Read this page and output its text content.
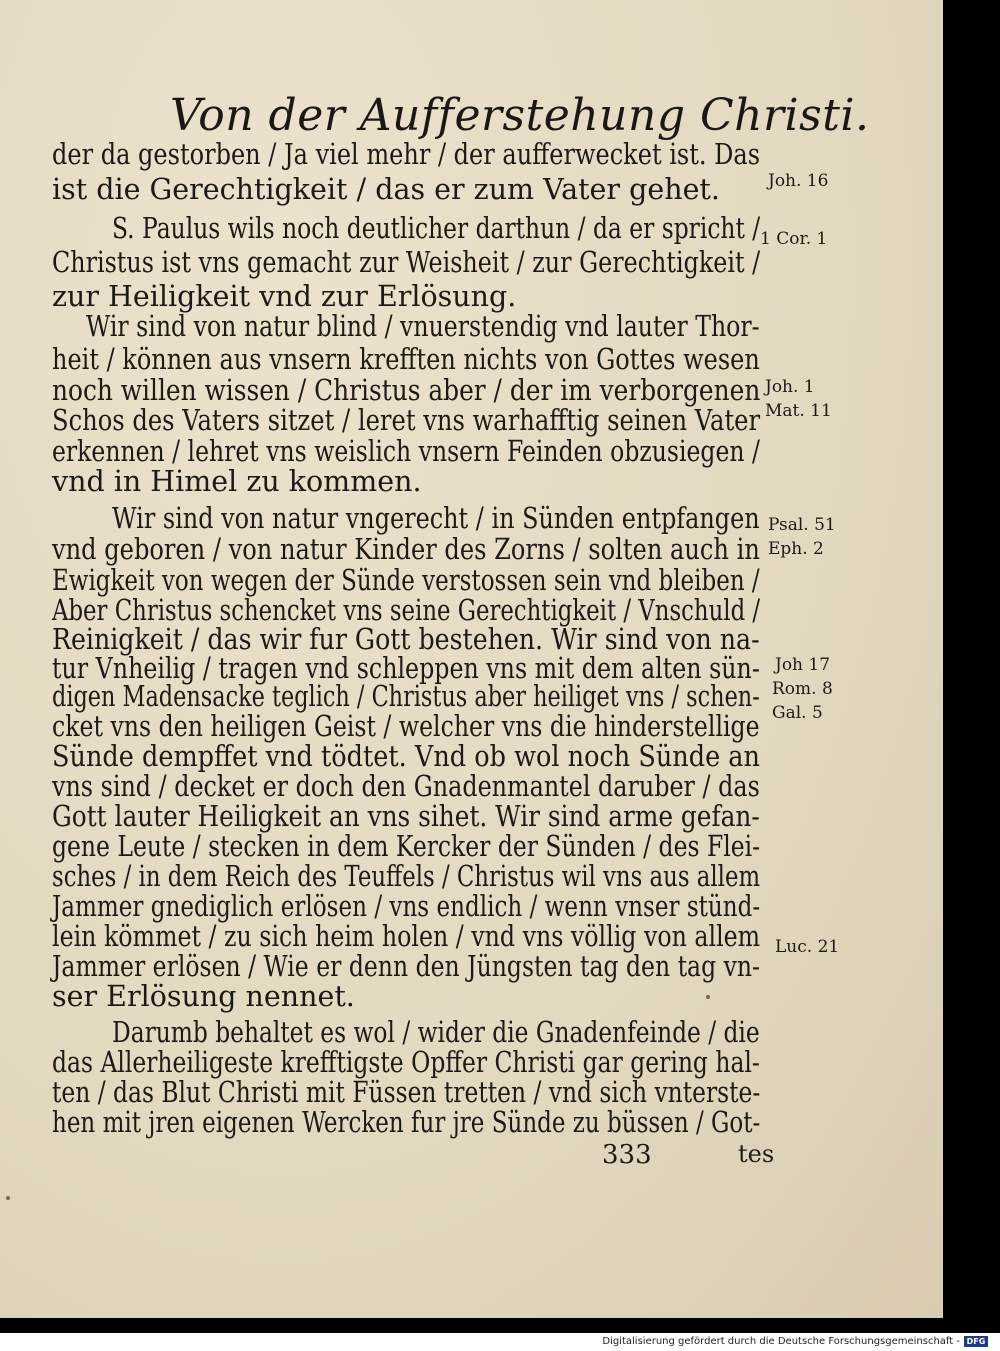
Von der Aufferstehung Christi.
der da gestorben / Ja viel mehr / der aufferwecket ist. Das
ist die Gerechtigkeit / das er zum Vater gehet.
S. Paulus wils noch deutlicher darthun / da er spricht /
Christus ist vns gemacht zur Weisheit / zur Gerechtigkeit /
zur Heiligkeit vnd zur Erlösung.
Wir sind von natur blind / vnuerstendig vnd lauter Thor-
heit / können aus vnsern krefften nichts von Gottes wesen
noch willen wissen / Christus aber / der im verborgenen
Schos des Vaters sitzet / leret vns warhafftig seinen Vater
erkennen / lehret vns weislich vnsern Feinden obzusiegen /
vnd in Himel zu kommen.
Wir sind von natur vngerecht / in Sünden entpfangen
vnd geboren / von natur Kinder des Zorns / solten auch in
Ewigkeit von wegen der Sünde verstossen sein vnd bleiben /
Aber Christus schencket vns seine Gerechtigkeit / Vnschuld /
Reinigkeit / das wir fur Gott bestehen. Wir sind von na-
tur Vnheilig / tragen vnd schleppen vns mit dem alten sün-
digen Madensacke teglich / Christus aber heiliget vns / schen-
cket vns den heiligen Geist / welcher vns die hinderstellige
Sünde dempffet vnd tödtet. Vnd ob wol noch Sünde an
vns sind / decket er doch den Gnadenmantel daruber / das
Gott lauter Heiligkeit an vns sihet. Wir sind arme gefan-
gene Leute / stecken in dem Kercker der Sünden / des Flei-
sches / in dem Reich des Teuffels / Christus wil vns aus allem
Jammer gnediglich erlösen / vns endlich / wenn vnser stünd-
lein kömmet / zu sich heim holen / vnd vns völlig von allem
Jammer erlösen / Wie er denn den Jüngsten tag den tag vn-
ser Erlösung nennet.
Darumb behaltet es wol / wider die Gnadenfeinde / die
das Allerheiligeste krefftigste Opffer Christi gar gering hal-
ten / das Blut Christi mit Füssen tretten / vnd sich vnterste-
hen mit jren eigenen Wercken fur jre Sünde zu büssen / Got-
Joh. 16
1 Cor. 1
Joh. 1
Mat. 11
Psal. 51
Eph. 2
Joh 17
Rom. 8
Gal. 5
Luc. 21
333	tes
Digitalisierung gefördert durch die Deutsche Forschungsgemeinschaft - DFG
